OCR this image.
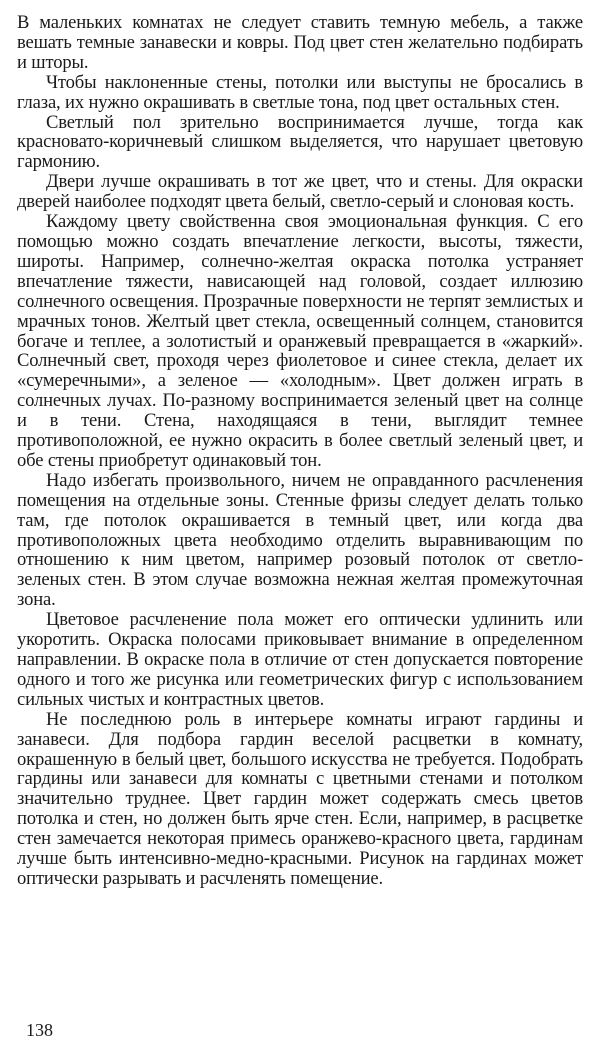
В маленьких комнатах не следует ставить темную мебель, а также вешать темные занавески и ковры. Под цвет стен желательно подбирать и шторы.

Чтобы наклоненные стены, потолки или выступы не бросались в глаза, их нужно окрашивать в светлые тона, под цвет остальных стен.

Светлый пол зрительно воспринимается лучше, тогда как красновато-коричневый слишком выделяется, что нарушает цветовую гармонию.

Двери лучше окрашивать в тот же цвет, что и стены. Для окраски дверей наиболее подходят цвета белый, светло-серый и слоновая кость.

Каждому цвету свойственна своя эмоциональная функция. С его помощью можно создать впечатление легкости, высоты, тяжести, широты. Например, солнечно-желтая окраска потолка устраняет впечатление тяжести, нависающей над головой, создает иллюзию солнечного освещения. Прозрачные поверхности не терпят землистых и мрачных тонов. Желтый цвет стекла, освещенный солнцем, становится богаче и теплее, а золотистый и оранжевый превращается в «жаркий». Солнечный свет, проходя через фиолетовое и синее стекла, делает их «сумеречными», а зеленое — «холодным». Цвет должен играть в солнечных лучах. По-разному воспринимается зеленый цвет на солнце и в тени. Стена, находящаяся в тени, выглядит темнее противоположной, ее нужно окрасить в более светлый зеленый цвет, и обе стены приобретут одинаковый тон.

Надо избегать произвольного, ничем не оправданного расчленения помещения на отдельные зоны. Стенные фризы следует делать только там, где потолок окрашивается в темный цвет, или когда два противоположных цвета необходимо отделить выравнивающим по отношению к ним цветом, например розовый потолок от светло-зеленых стен. В этом случае возможна нежная желтая промежуточная зона.

Цветовое расчленение пола может его оптически удлинить или укоротить. Окраска полосами приковывает внимание в определенном направлении. В окраске пола в отличие от стен допускается повторение одного и того же рисунка или геометрических фигур с использованием сильных чистых и контрастных цветов.

Не последнюю роль в интерьере комнаты играют гардины и занавеси. Для подбора гардин веселой расцветки в комнату, окрашенную в белый цвет, большого искусства не требуется. Подобрать гардины или занавеси для комнаты с цветными стенами и потолком значительно труднее. Цвет гардин может содержать смесь цветов потолка и стен, но должен быть ярче стен. Если, например, в расцветке стен замечается некоторая примесь оранжево-красного цвета, гардинам лучше быть интенсивно-медно-красными. Рисунок на гардинах может оптически разрывать и расчленять помещение.

138
